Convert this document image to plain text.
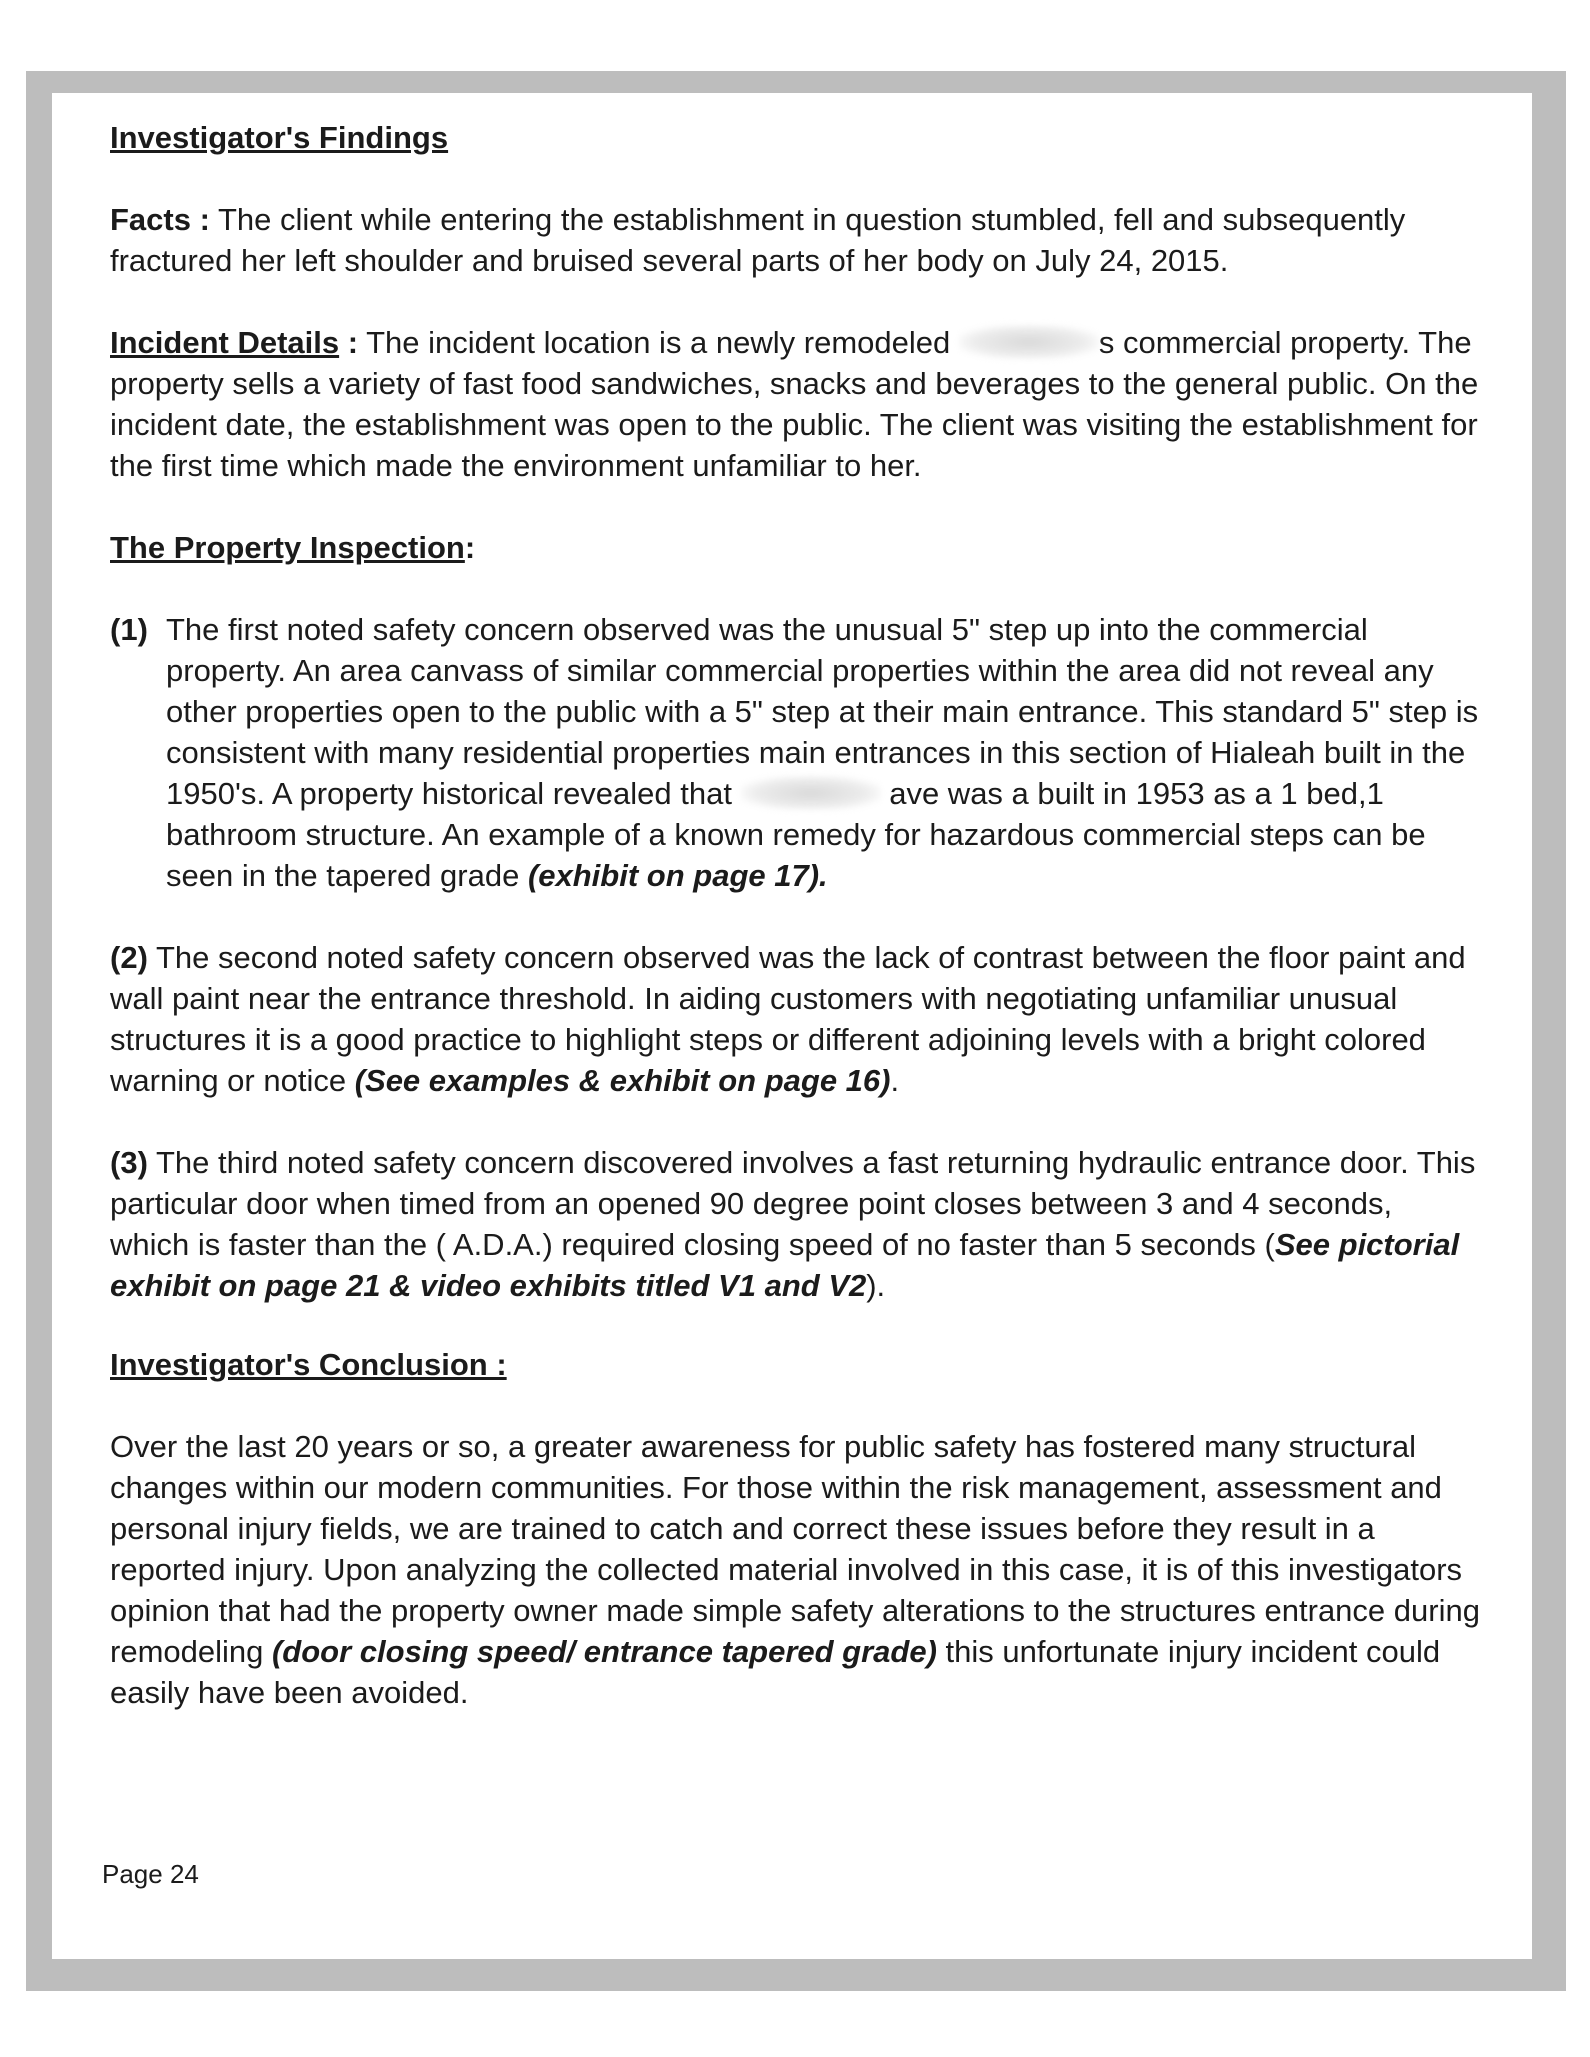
Investigator's Findings

Facts : The client while entering the establishment in question stumbled, fell and subsequently fractured her left shoulder and bruised several parts of her body on July 24, 2015.

Incident Details : The incident location is a newly remodeled	s commercial property. The property sells a variety of fast food sandwiches, snacks and beverages to the general public. On the incident date, the establishment was open to the public. The client was visiting the establishment for the first time which made the environment unfamiliar to her.

The Property Inspection:

(1) The first noted safety concern observed was the unusual 5" step up into the commercial property. An area canvass of similar commercial properties within the area did not reveal any other properties open to the public with a 5" step at their main entrance. This standard 5" step is consistent with many residential properties main entrances in this section of Hialeah built in the 1950's. A property historical revealed that	ave was a built in 1953 as a 1 bed,1 bathroom structure. An example of a known remedy for hazardous commercial steps can be seen in the tapered grade (exhibit on page 17).

(2) The second noted safety concern observed was the lack of contrast between the floor paint and wall paint near the entrance threshold. In aiding customers with negotiating unfamiliar unusual structures it is a good practice to highlight steps or different adjoining levels with a bright colored warning or notice (See examples & exhibit on page 16).

(3) The third noted safety concern discovered involves a fast returning hydraulic entrance door. This particular door when timed from an opened 90 degree point closes between 3 and 4 seconds, which is faster than the ( A.D.A.) required closing speed of no faster than 5 seconds (See pictorial exhibit on page 21 & video exhibits titled V1 and V2).

Investigator's Conclusion :

Over the last 20 years or so, a greater awareness for public safety has fostered many structural changes within our modern communities. For those within the risk management, assessment and personal injury fields, we are trained to catch and correct these issues before they result in a reported injury. Upon analyzing the collected material involved in this case, it is of this investigators opinion that had the property owner made simple safety alterations to the structures entrance during remodeling (door closing speed/ entrance tapered grade) this unfortunate injury incident could easily have been avoided.

Page 24
